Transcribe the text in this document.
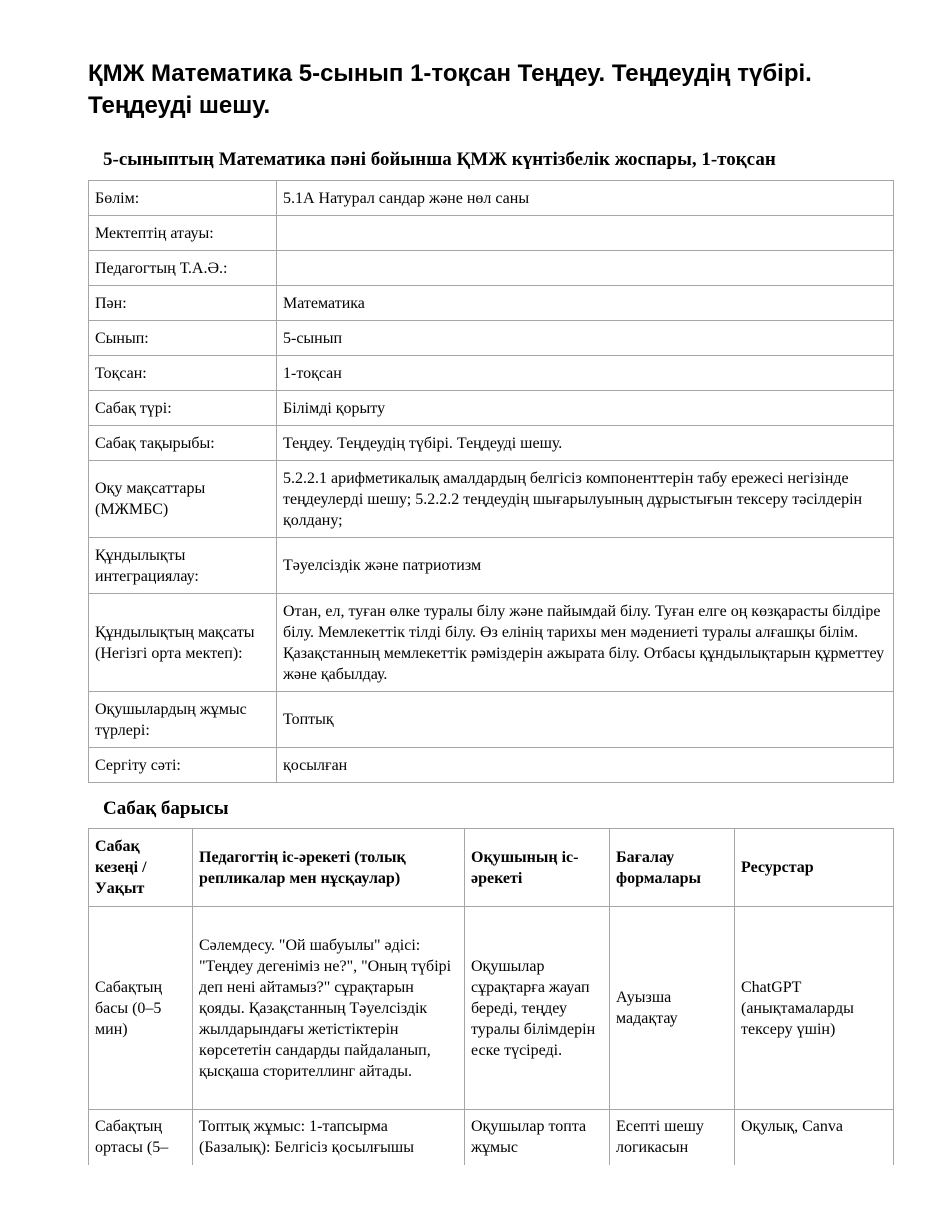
ҚМЖ Математика 5-сынып 1-тоқсан Теңдеу. Теңдеудің түбірі. Теңдеуді шешу.
5-сыныптың Математика пәні бойынша ҚМЖ күнтізбелік жоспары, 1-тоқсан
Бөлім:	5.1А Натурал сандар және нөл саны
Мектептің атауы:	
Педагогтың Т.А.Ә.:	
Пән:	Математика
Сынып:	5-сынып
Тоқсан:	1-тоқсан
Сабақ түрі:	Білімді қорыту
Сабақ тақырыбы:	Теңдеу. Теңдеудің түбірі. Теңдеуді шешу.
Оқу мақсаттары (МЖМБС)	5.2.2.1 арифметикалық амалдардың белгісіз компоненттерін табу ережесі негізінде теңдеулерді шешу; 5.2.2.2 теңдеудің шығарылуының дұрыстығын тексеру тәсілдерін қолдану;
Құндылықты интеграциялау:	Тәуелсіздік және патриотизм
Құндылықтың мақсаты (Негізгі орта мектеп):	Отан, ел, туған өлке туралы білу және пайымдай білу. Туған елге оң көзқарасты білдіре білу. Мемлекеттік тілді білу. Өз елінің тарихы мен мәдениеті туралы алғашқы білім. Қазақстанның мемлекеттік рәміздерін ажырата білу. Отбасы құндылықтарын құрметтеу және қабылдау.
Оқушылардың жұмыс түрлері:	Топтық
Сергіту сәті:	қосылған
Сабақ барысы
Сабақ кезеңі / Уақыт	Педагогтің іс-әрекеті (толық репликалар мен нұсқаулар)	Оқушының іс-әрекеті	Бағалау формалары	Ресурстар
Сабақтың басы (0–5 мин)	Сәлемдесу. "Ой шабуылы" әдісі: "Теңдеу дегеніміз не?", "Оның түбірі деп нені айтамыз?" сұрақтарын қояды. Қазақстанның Тәуелсіздік жылдарындағы жетістіктерін көрсететін сандарды пайдаланып, қысқаша сторителлинг айтады.	Оқушылар сұрақтарға жауап береді, теңдеу туралы білімдерін еске түсіреді.	Ауызша мадақтау	ChatGPT (анықтамаларды тексеру үшін)
Сабақтың ортасы (5–	Топтық жұмыс: 1-тапсырма (Базалық): Белгісіз қосылғышы	Оқушылар топта жұмыс	Есепті шешу логикасын	Оқулық, Canva
